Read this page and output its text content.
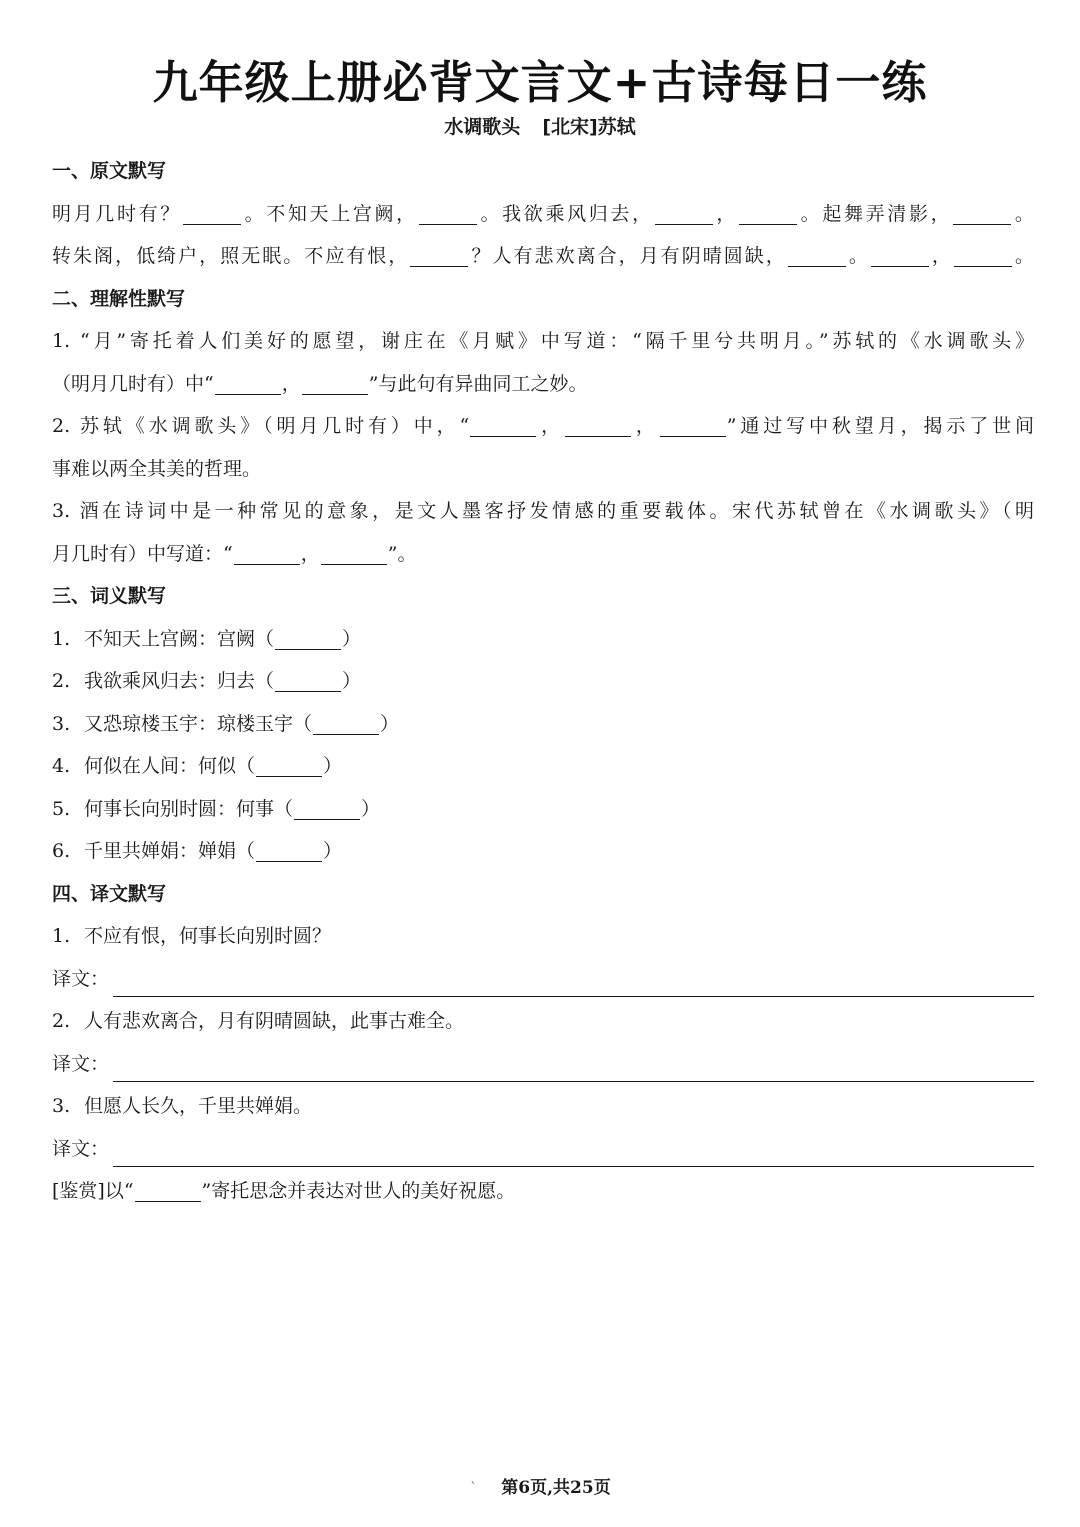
九年级上册必背文言文+古诗每日一练
水调歌头 [北宋]苏轼
一、原文默写
明月几时有？	。不知天上宫阙，	。我欲乘风归去，	，	。起舞弄清影，	。
转朱阁，低绮户，照无眠。不应有恨，	？人有悲欢离合，月有阴晴圆缺，	。	，	。
二、理解性默写
1. “月”寄托着人们美好的愿望，谢庄在《月赋》中写道：“隔千里兮共明月。”苏轼的《水调歌头》
（明月几时有）中“	，	”与此句有异曲同工之妙。
2. 苏轼《水调歌头》（明月几时有）中，“	，	，	”通过写中秋望月，揭示了世间
事难以两全其美的哲理。
3. 酒在诗词中是一种常见的意象，是文人墨客抒发情感的重要载体。宋代苏轼曾在《水调歌头》（明
月几时有）中写道：“	，	”。
三、词义默写
1. 不知天上宫阙：宫阙（	）
2. 我欲乘风归去：归去（	）
3. 又恐琼楼玉宇：琼楼玉宇（	）
4. 何似在人间：何似（	）
5. 何事长向别时圆：何事（	）
6. 千里共婵娟：婵娟（	）
四、译文默写
1. 不应有恨，何事长向别时圆？
译文：
2. 人有悲欢离合，月有阴晴圆缺，此事古难全。
译文：
3. 但愿人长久，千里共婵娟。
译文：
[鉴赏]以“	”寄托思念并表达对世人的美好祝愿。
` 第6页,共25页
